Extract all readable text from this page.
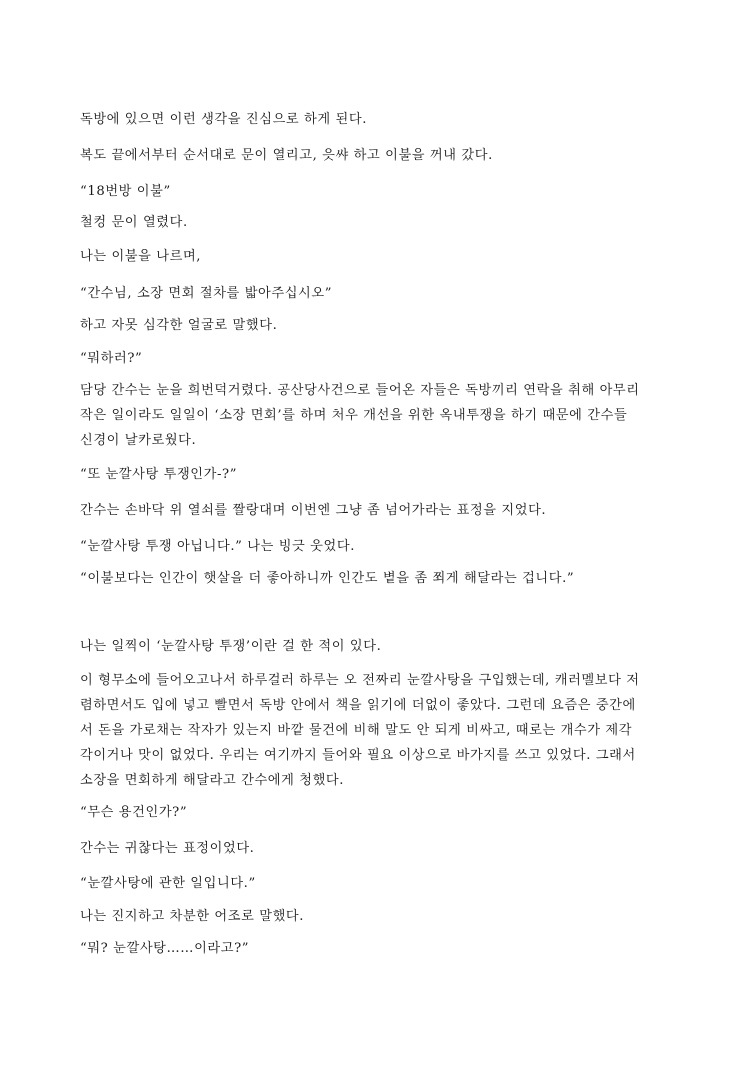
독방에 있으면 이런 생각을 진심으로 하게 된다.

복도 끝에서부터 순서대로 문이 열리고, 읏쌰 하고 이불을 꺼내 갔다.

“18번방 이불”

철컹 문이 열렸다.

나는 이불을 나르며,

“간수님, 소장 면회 절차를 밟아주십시오”

하고 자못 심각한 얼굴로 말했다.

“뭐하러?”

담당 간수는 눈을 희번덕거렸다. 공산당사건으로 들어온 자들은 독방끼리 연락을 취해 아무리
작은 일이라도 일일이 ‘소장 면회’를 하며 처우 개선을 위한 옥내투쟁을 하기 때문에 간수들
신경이 날카로웠다.

“또 눈깔사탕 투쟁인가-?”

간수는 손바닥 위 열쇠를 짤랑대며 이번엔 그냥 좀 넘어가라는 표정을 지었다.

“눈깔사탕 투쟁 아닙니다.” 나는 빙긋 웃었다.

“이불보다는 인간이 햇살을 더 좋아하니까 인간도 볕을 좀 쬐게 해달라는 겁니다.”

나는 일찍이 ‘눈깔사탕 투쟁’이란 걸 한 적이 있다.

이 형무소에 들어오고나서 하루걸러 하루는 오 전짜리 눈깔사탕을 구입했는데, 캐러멜보다 저
렴하면서도 입에 넣고 빨면서 독방 안에서 책을 읽기에 더없이 좋았다. 그런데 요즘은 중간에
서 돈을 가로채는 작자가 있는지 바깥 물건에 비해 말도 안 되게 비싸고, 때로는 개수가 제각
각이거나 맛이 없었다. 우리는 여기까지 들어와 필요 이상으로 바가지를 쓰고 있었다. 그래서
소장을 면회하게 해달라고 간수에게 청했다.

“무슨 용건인가?”

간수는 귀찮다는 표정이었다.

“눈깔사탕에 관한 일입니다.”

나는 진지하고 차분한 어조로 말했다.

“뭐? 눈깔사탕……이라고?”
